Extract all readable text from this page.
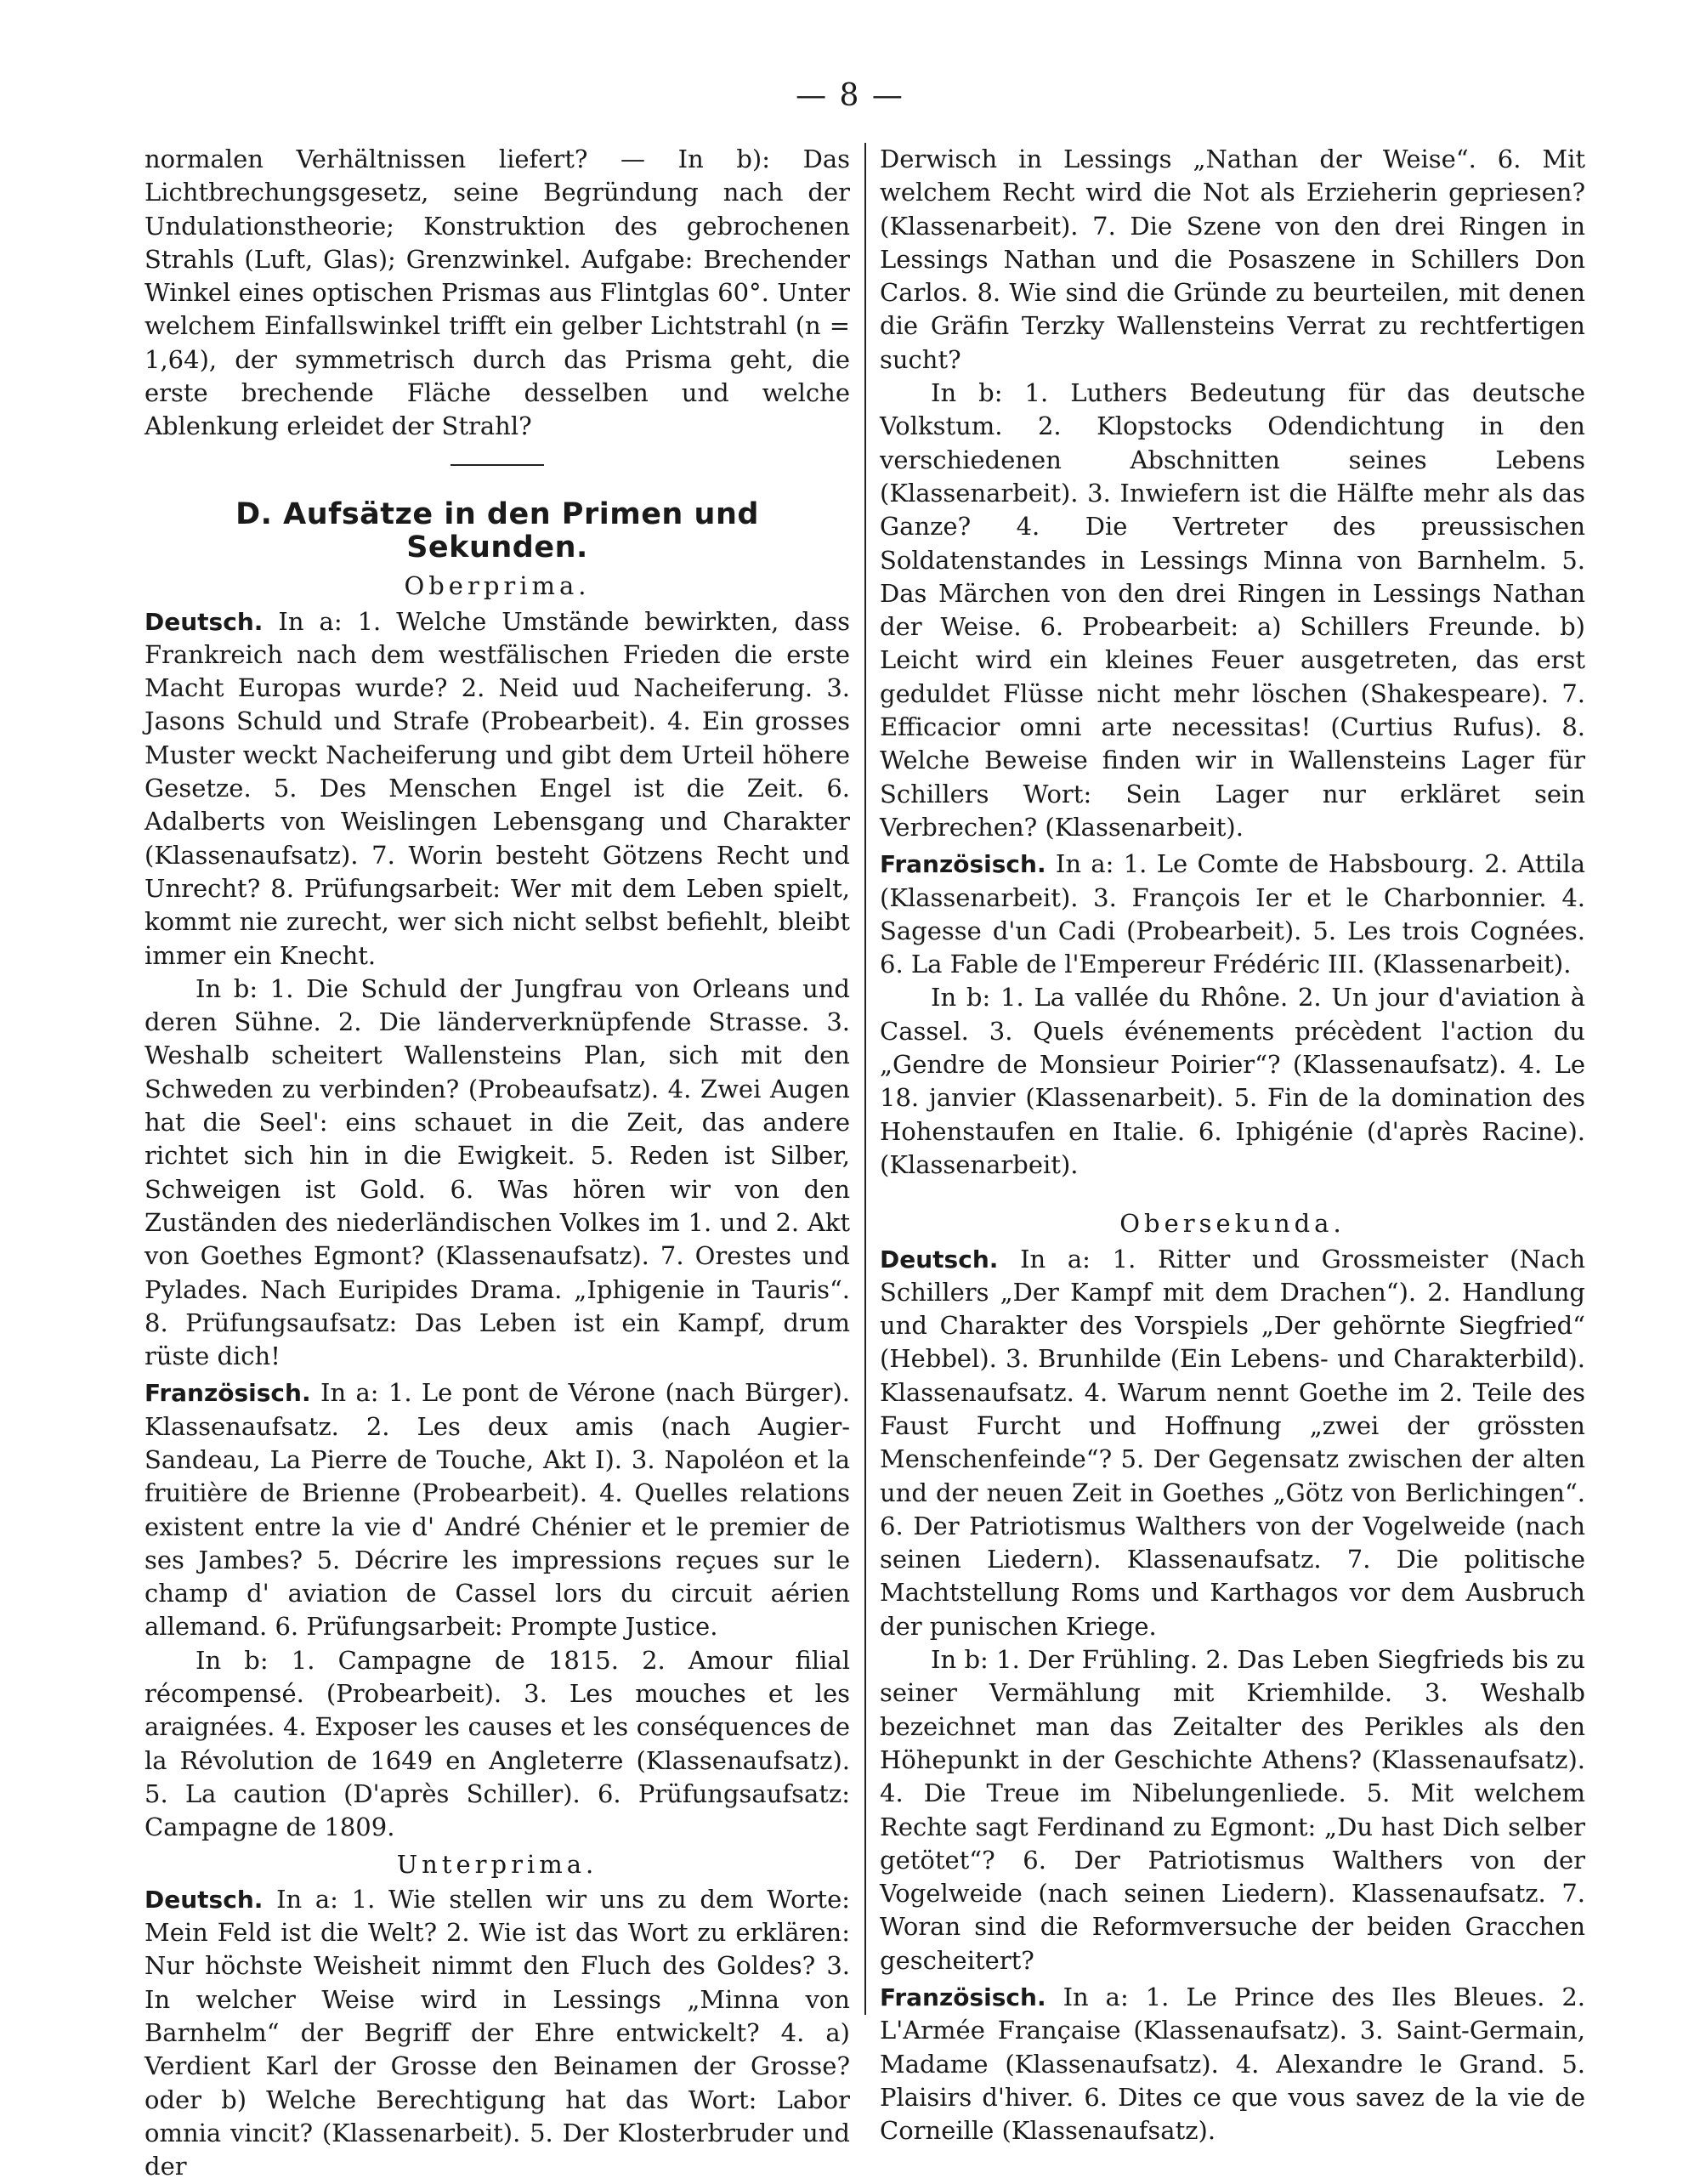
— 8 —

normalen Verhältnissen liefert? — In b): Das Lichtbrechungsgesetz, seine Begründung nach der Undulationstheorie; Konstruktion des gebrochenen Strahls (Luft, Glas); Grenzwinkel. Aufgabe: Brechender Winkel eines optischen Prismas aus Flintglas 60°. Unter welchem Einfallswinkel trifft ein gelber Lichtstrahl (n = 1,64), der symmetrisch durch das Prisma geht, die erste brechende Fläche desselben und welche Ablenkung erleidet der Strahl?

D. Aufsätze in den Primen und Sekunden.
Oberprima.

Deutsch. In a: 1. Welche Umstände bewirkten, dass Frankreich nach dem westfälischen Frieden die erste Macht Europas wurde? 2. Neid uud Nacheiferung. 3. Jasons Schuld und Strafe (Probearbeit). 4. Ein grosses Muster weckt Nacheiferung und gibt dem Urteil höhere Gesetze. 5. Des Menschen Engel ist die Zeit. 6. Adalberts von Weislingen Lebensgang und Charakter (Klassenaufsatz). 7. Worin besteht Götzens Recht und Unrecht? 8. Prüfungsarbeit: Wer mit dem Leben spielt, kommt nie zurecht, wer sich nicht selbst befiehlt, bleibt immer ein Knecht.

In b: 1. Die Schuld der Jungfrau von Orleans und deren Sühne. 2. Die länderverknüpfende Strasse. 3. Weshalb scheitert Wallensteins Plan, sich mit den Schweden zu verbinden? (Probeaufsatz). 4. Zwei Augen hat die Seel': eins schauet in die Zeit, das andere richtet sich hin in die Ewigkeit. 5. Reden ist Silber, Schweigen ist Gold. 6. Was hören wir von den Zuständen des niederländischen Volkes im 1. und 2. Akt von Goethes Egmont? (Klassenaufsatz). 7. Orestes und Pylades. Nach Euripides Drama. „Iphigenie in Tauris“. 8. Prüfungsaufsatz: Das Leben ist ein Kampf, drum rüste dich!

Französisch. In a: 1. Le pont de Vérone (nach Bürger). Klassenaufsatz. 2. Les deux amis (nach Augier-Sandeau, La Pierre de Touche, Akt I). 3. Napoléon et la fruitière de Brienne (Probearbeit). 4. Quelles relations existent entre la vie d' André Chénier et le premier de ses Jambes? 5. Décrire les impressions reçues sur le champ d' aviation de Cassel lors du circuit aérien allemand. 6. Prüfungsarbeit: Prompte Justice.

In b: 1. Campagne de 1815. 2. Amour filial récompensé. (Probearbeit). 3. Les mouches et les araignées. 4. Exposer les causes et les conséquences de la Révolution de 1649 en Angleterre (Klassenaufsatz). 5. La caution (D'après Schiller). 6. Prüfungsaufsatz: Campagne de 1809.

Unterprima.

Deutsch. In a: 1. Wie stellen wir uns zu dem Worte: Mein Feld ist die Welt? 2. Wie ist das Wort zu erklären: Nur höchste Weisheit nimmt den Fluch des Goldes? 3. In welcher Weise wird in Lessings „Minna von Barnhelm“ der Begriff der Ehre entwickelt? 4. a) Verdient Karl der Grosse den Beinamen der Grosse? oder b) Welche Berechtigung hat das Wort: Labor omnia vincit? (Klassenarbeit). 5. Der Klosterbruder und der

Derwisch in Lessings „Nathan der Weise“. 6. Mit welchem Recht wird die Not als Erzieherin gepriesen? (Klassenarbeit). 7. Die Szene von den drei Ringen in Lessings Nathan und die Posaszene in Schillers Don Carlos. 8. Wie sind die Gründe zu beurteilen, mit denen die Gräfin Terzky Wallensteins Verrat zu rechtfertigen sucht?

In b: 1. Luthers Bedeutung für das deutsche Volkstum. 2. Klopstocks Odendichtung in den verschiedenen Abschnitten seines Lebens (Klassenarbeit). 3. Inwiefern ist die Hälfte mehr als das Ganze? 4. Die Vertreter des preussischen Soldatenstandes in Lessings Minna von Barnhelm. 5. Das Märchen von den drei Ringen in Lessings Nathan der Weise. 6. Probearbeit: a) Schillers Freunde. b) Leicht wird ein kleines Feuer ausgetreten, das erst geduldet Flüsse nicht mehr löschen (Shakespeare). 7. Efficacior omni arte necessitas! (Curtius Rufus). 8. Welche Beweise finden wir in Wallensteins Lager für Schillers Wort: Sein Lager nur erkläret sein Verbrechen? (Klassenarbeit).

Französisch. In a: 1. Le Comte de Habsbourg. 2. Attila (Klassenarbeit). 3. François Ier et le Charbonnier. 4. Sagesse d'un Cadi (Probearbeit). 5. Les trois Cognées. 6. La Fable de l'Empereur Frédéric III. (Klassenarbeit).

In b: 1. La vallée du Rhône. 2. Un jour d'aviation à Cassel. 3. Quels événements précèdent l'action du „Gendre de Monsieur Poirier“? (Klassenaufsatz). 4. Le 18. janvier (Klassenarbeit). 5. Fin de la domination des Hohenstaufen en Italie. 6. Iphigénie (d'après Racine). (Klassenarbeit).

Obersekunda.

Deutsch. In a: 1. Ritter und Grossmeister (Nach Schillers „Der Kampf mit dem Drachen“). 2. Handlung und Charakter des Vorspiels „Der gehörnte Siegfried“ (Hebbel). 3. Brunhilde (Ein Lebens- und Charakterbild). Klassenaufsatz. 4. Warum nennt Goethe im 2. Teile des Faust Furcht und Hoffnung „zwei der grössten Menschenfeinde“? 5. Der Gegensatz zwischen der alten und der neuen Zeit in Goethes „Götz von Berlichingen“. 6. Der Patriotismus Walthers von der Vogelweide (nach seinen Liedern). Klassenaufsatz. 7. Die politische Machtstellung Roms und Karthagos vor dem Ausbruch der punischen Kriege.

In b: 1. Der Frühling. 2. Das Leben Siegfrieds bis zu seiner Vermählung mit Kriemhilde. 3. Weshalb bezeichnet man das Zeitalter des Perikles als den Höhepunkt in der Geschichte Athens? (Klassenaufsatz). 4. Die Treue im Nibelungenliede. 5. Mit welchem Rechte sagt Ferdinand zu Egmont: „Du hast Dich selber getötet“? 6. Der Patriotismus Walthers von der Vogelweide (nach seinen Liedern). Klassenaufsatz. 7. Woran sind die Reformversuche der beiden Gracchen gescheitert?

Französisch. In a: 1. Le Prince des Iles Bleues. 2. L'Armée Française (Klassenaufsatz). 3. Saint-Germain, Madame (Klassenaufsatz). 4. Alexandre le Grand. 5. Plaisirs d'hiver. 6. Dites ce que vous savez de la vie de Corneille (Klassenaufsatz).
